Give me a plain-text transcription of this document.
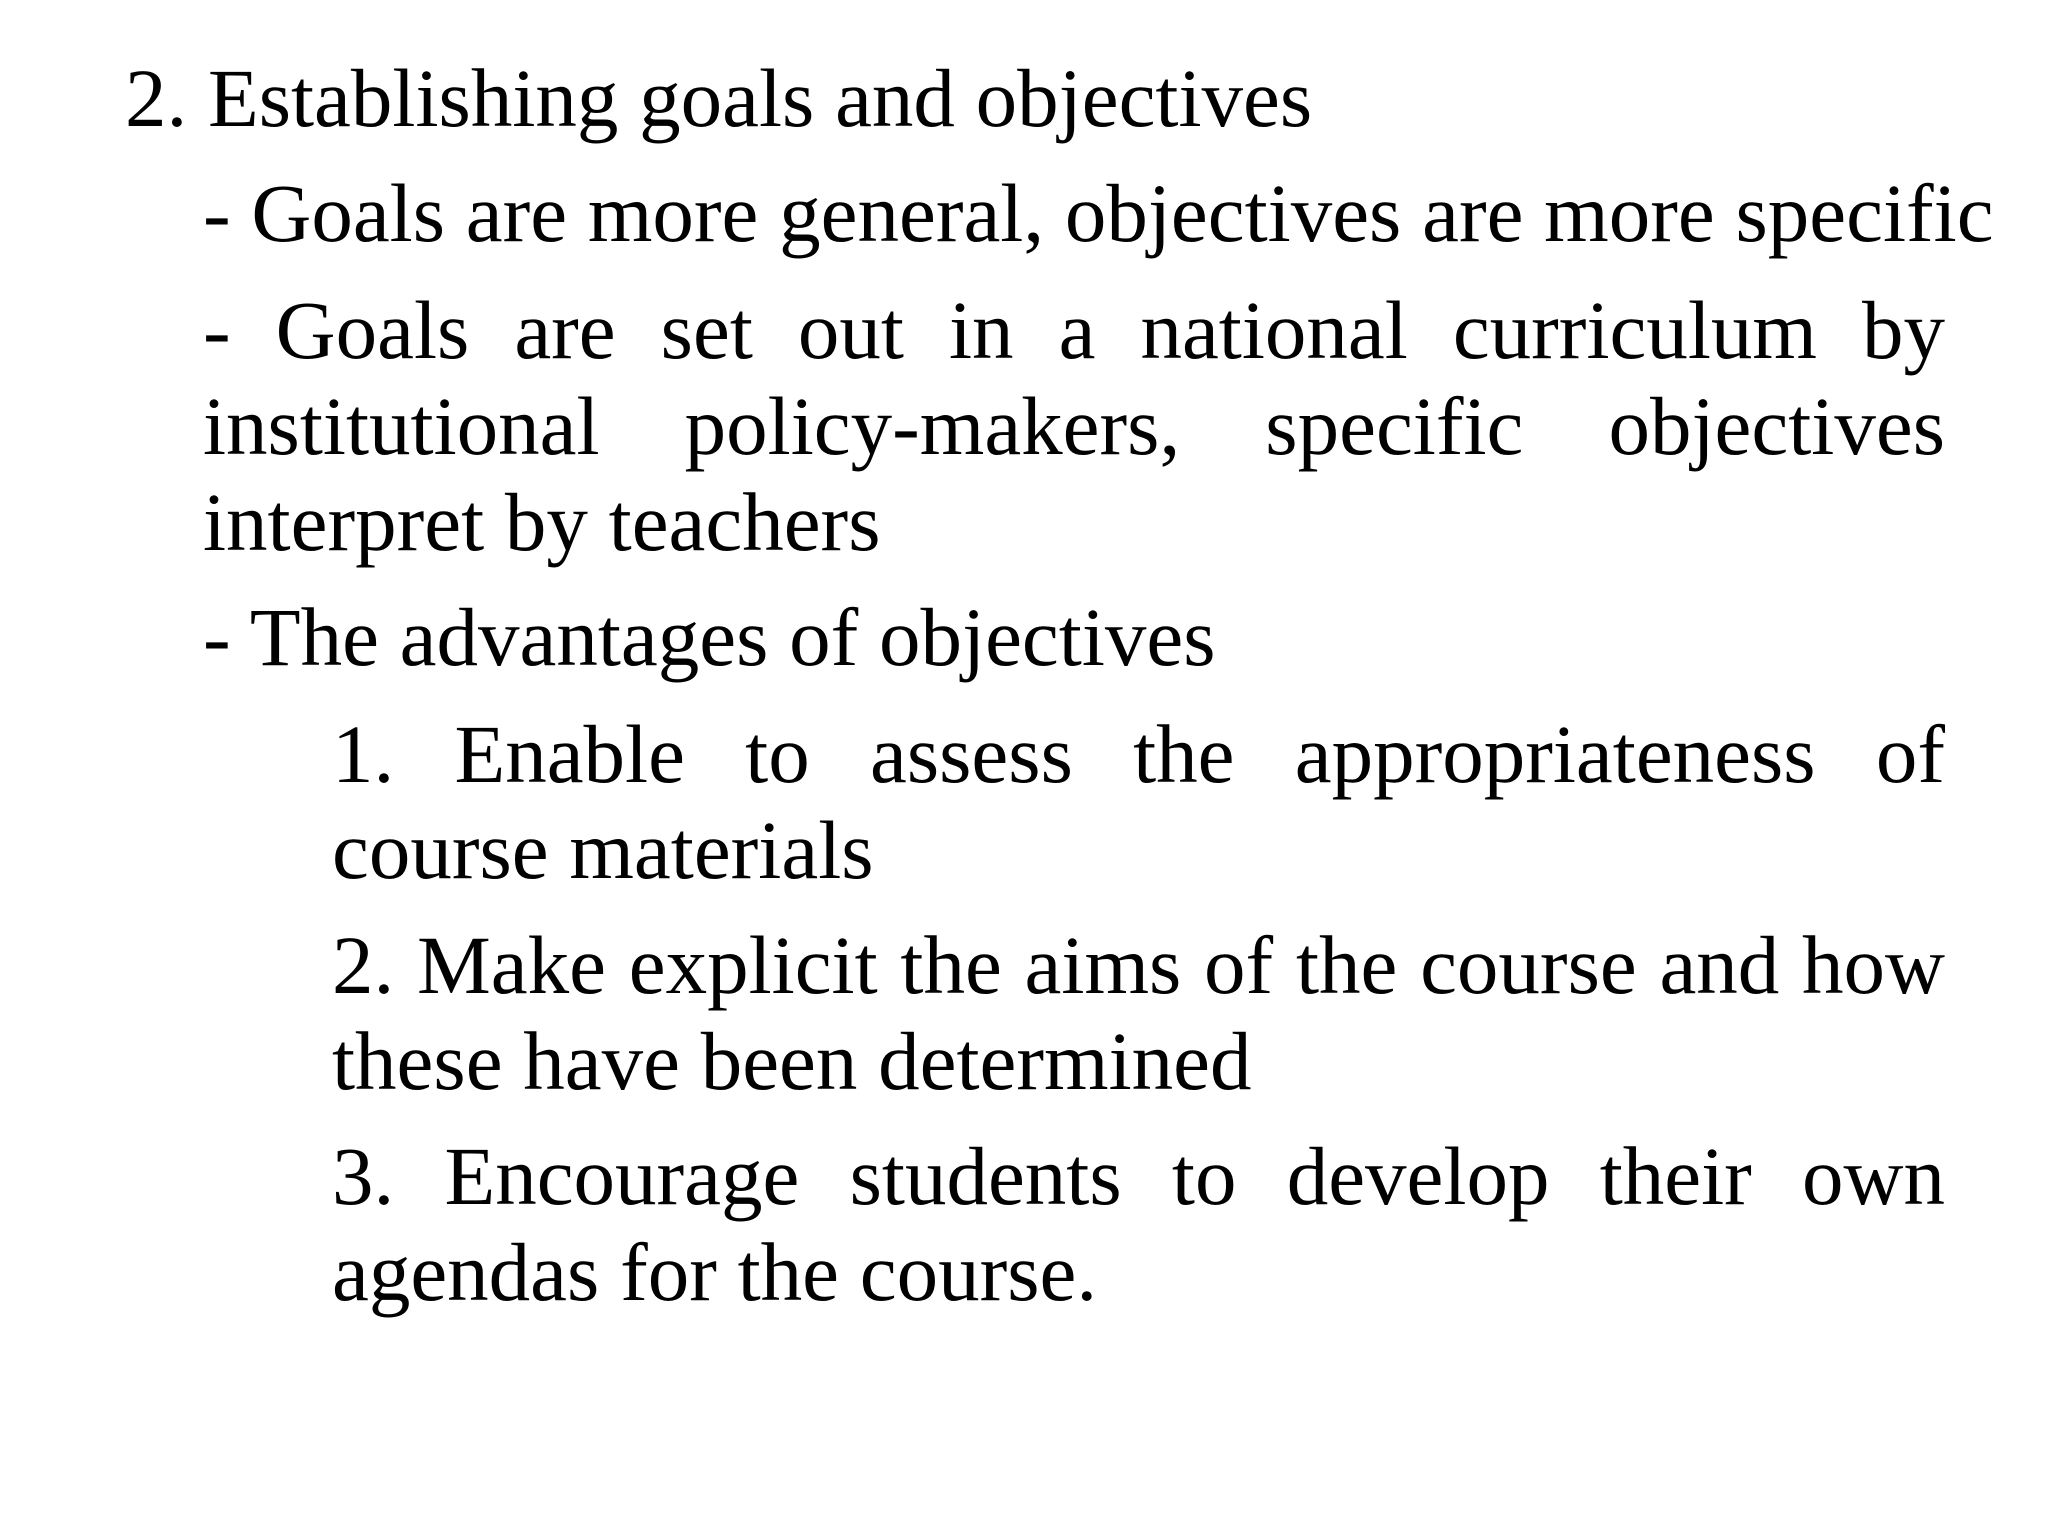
2. Establishing goals and objectives

- Goals are more general, objectives are more specific

- Goals are set out in a national curriculum by institutional policy-makers, specific objectives interpret by teachers

- The advantages of objectives

1. Enable to assess the appropriateness of course materials

2. Make explicit the aims of the course and how these have been determined

3. Encourage students to develop their own agendas for the course.
